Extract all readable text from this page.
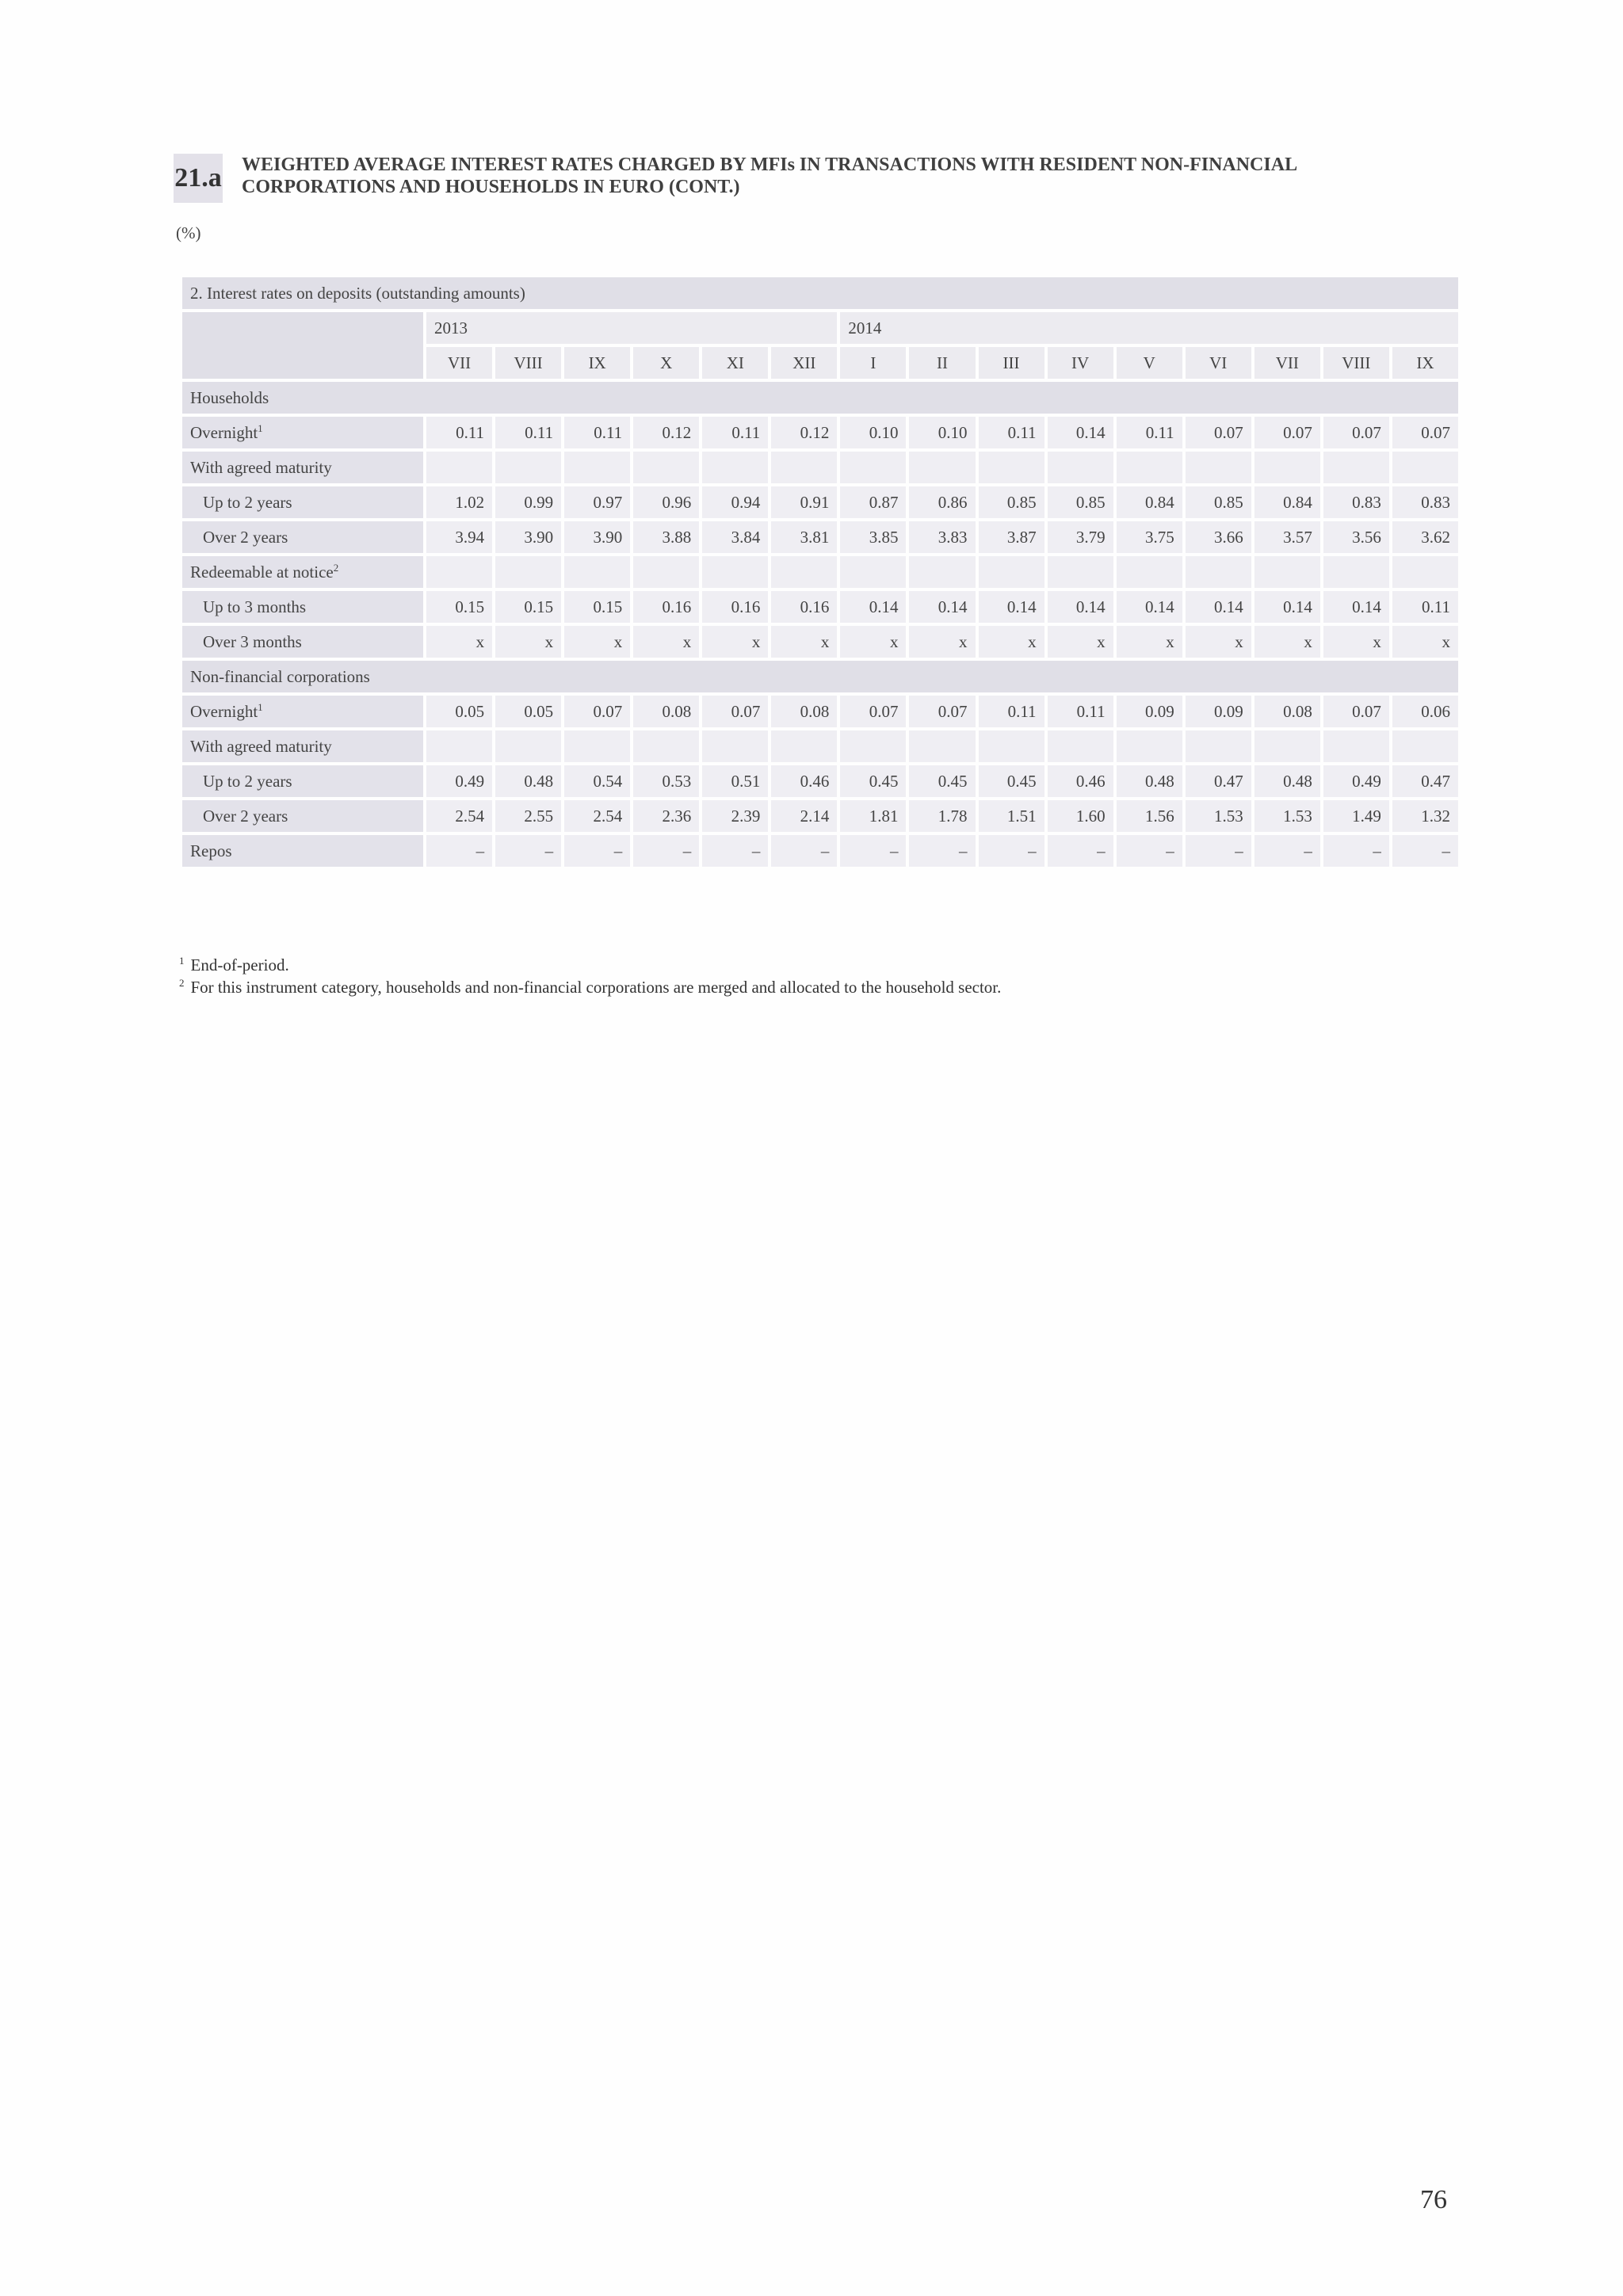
21.a WEIGHTED AVERAGE INTEREST RATES CHARGED BY MFIs IN TRANSACTIONS WITH RESIDENT NON-FINANCIAL
CORPORATIONS AND HOUSEHOLDS IN EURO (CONT.)
(%)
2. Interest rates on deposits (outstanding amounts)															
	2013						2014								
	VII	VIII	IX	X	XI	XII	I	II	III	IV	V	VI	VII	VIII	IX
Households															
Overnight$^1$	0.11	0.11	0.11	0.12	0.11	0.12	0.10	0.10	0.11	0.14	0.11	0.07	0.07	0.07	0.07
With agreed maturity															
Up to 2 years	1.02	0.99	0.97	0.96	0.94	0.91	0.87	0.86	0.85	0.85	0.84	0.85	0.84	0.83	0.83
Over 2 years	3.94	3.90	3.90	3.88	3.84	3.81	3.85	3.83	3.87	3.79	3.75	3.66	3.57	3.56	3.62
Redeemable at notice$^2$															
Up to 3 months	0.15	0.15	0.15	0.16	0.16	0.16	0.14	0.14	0.14	0.14	0.14	0.14	0.14	0.14	0.11
Over 3 months	x	x	x	x	x	x	x	x	x	x	x	x	x	x	x
Non-financial corporations															
Overnight$^1$	0.05	0.05	0.07	0.08	0.07	0.08	0.07	0.07	0.11	0.11	0.09	0.09	0.08	0.07	0.06
With agreed maturity															
Up to 2 years	0.49	0.48	0.54	0.53	0.51	0.46	0.45	0.45	0.45	0.46	0.48	0.47	0.48	0.49	0.47
Over 2 years	2.54	2.55	2.54	2.36	2.39	2.14	1.81	1.78	1.51	1.60	1.56	1.53	1.53	1.49	1.32
Repos	–	–	–	–	–	–	–	–	–	–	–	–	–	–	–
$^1$ End-of-period.
$^2$ For this instrument category, households and non-financial corporations are merged and allocated to the household sector.
76
